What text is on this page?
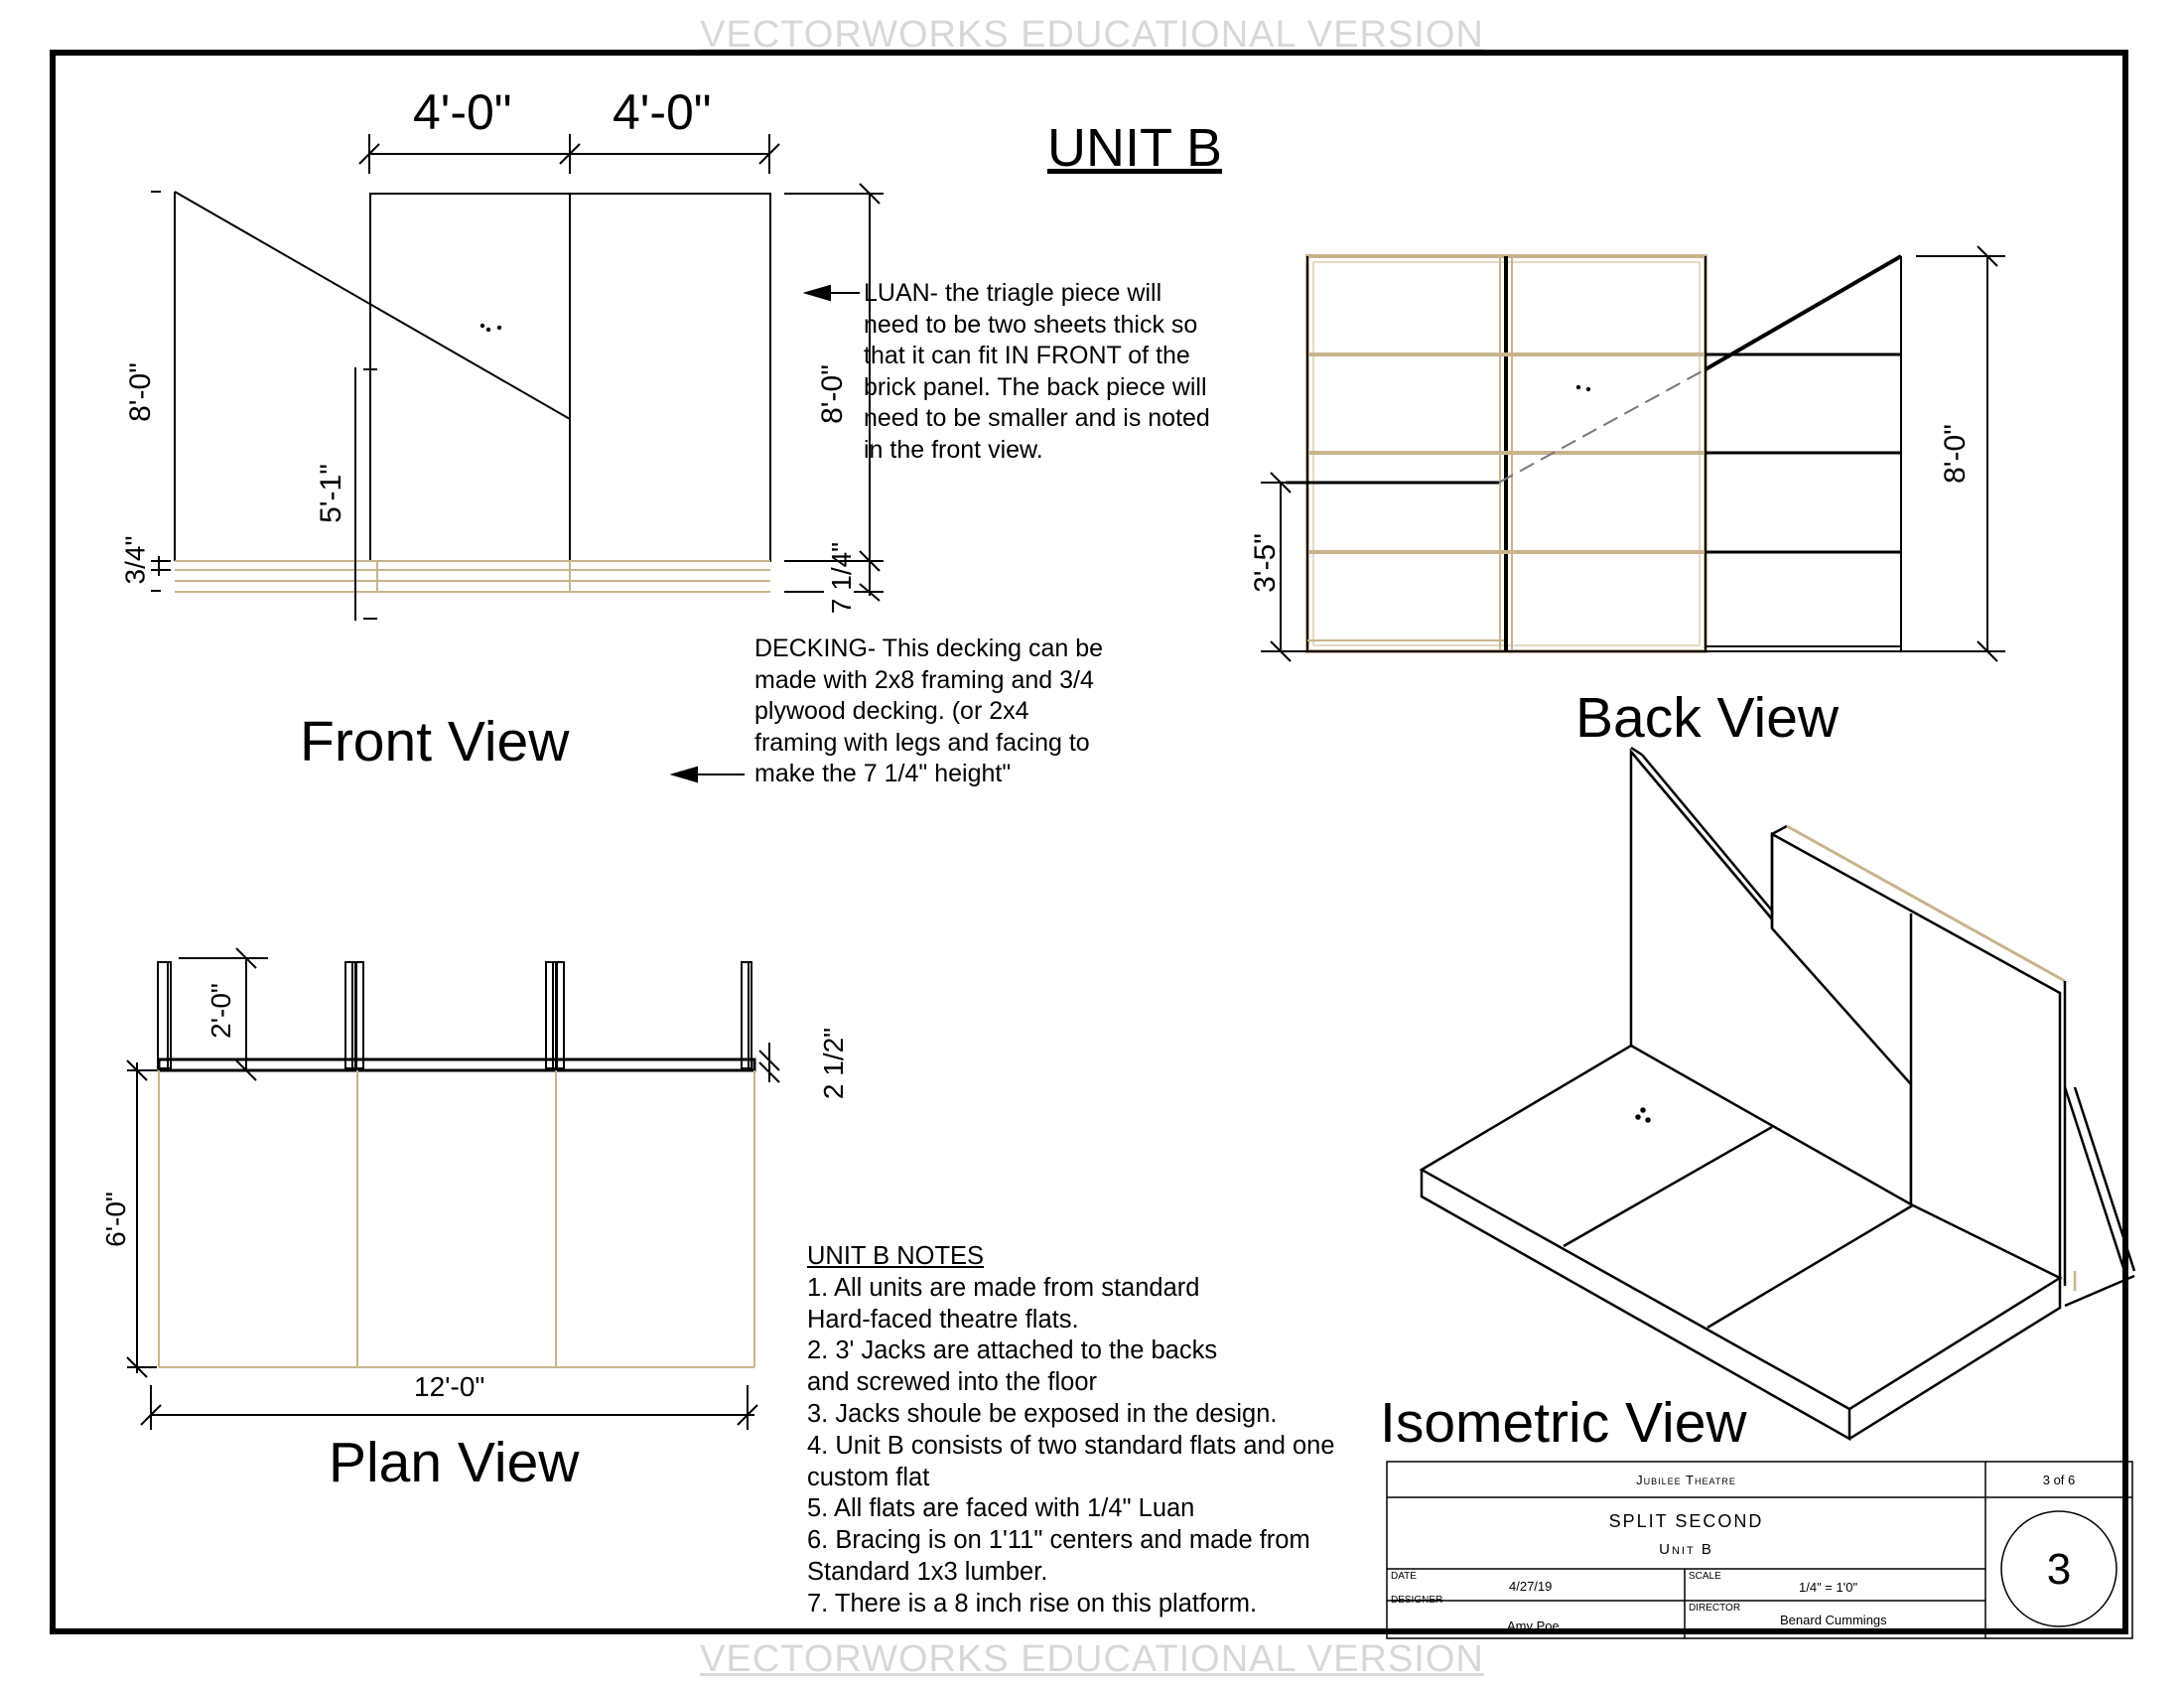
VECTORWORKS EDUCATIONAL VERSION
VECTORWORKS EDUCATIONAL VERSION
UNIT B
4'-0" 4'-0"
8'-0"	8'-0"
5'-1"
3/4"	7 1/4"
Front View
LUAN- the triagle piece will
need to be two sheets thick so
that it can fit IN FRONT of the
brick panel. The back piece will
need to be smaller and is noted
in the front view.
DECKING- This decking can be
made with 2x8 framing and 3/4
plywood decking. (or 2x4
framing with legs and facing to
make the 7 1/4" height"
8'-0"
3'-5"
Back View
2'-0"
2 1/2"
6'-0"
12'-0"
Plan View
Isometric View
UNIT B NOTES
1. All units are made from standard
Hard-faced theatre flats.
2. 3' Jacks are attached to the backs
and screwed into the floor
3. Jacks shoule be exposed in the design.
4. Unit B consists of two standard flats and one
custom flat
5. All flats are faced with 1/4" Luan
6. Bracing is on 1'11" centers and made from
Standard 1x3 lumber.
7. There is a 8 inch rise on this platform.
Jubilee Theatre	3 of 6
SPLIT SECOND
Unit B
DATE
4/27/19
SCALE
1/4" = 1'0"
DESIGNER
Amy Poe
DIRECTOR
Benard Cummings
3
